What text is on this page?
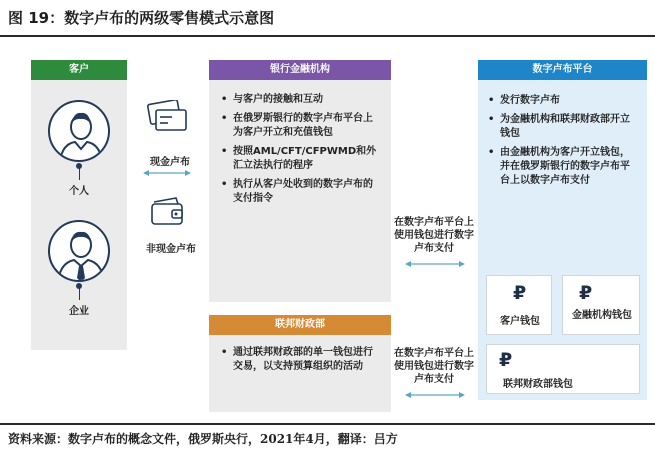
图 19：数字卢布的两级零售模式示意图
客户
个人
企业
现金卢布
非现金卢布
银行金融机构
• 与客户的接触和互动
• 在俄罗斯银行的数字卢布平台上为客户开立和充值钱包
• 按照AML/CFT/CFPWMD和外汇立法执行的程序
• 执行从客户处收到的数字卢布的支付指令
联邦财政部
• 通过联邦财政部的单一钱包进行交易，以支持预算组织的活动
在数字卢布平台上使用钱包进行数字卢布支付
在数字卢布平台上使用钱包进行数字卢布支付
数字卢布平台
• 发行数字卢布
• 为金融机构和联邦财政部开立钱包
• 由金融机构为客户开立钱包，并在俄罗斯银行的数字卢布平台上以数字卢布支付
₽
客户钱包
₽
金融机构钱包
₽
联邦财政部钱包
资料来源：数字卢布的概念文件，俄罗斯央行，2021年4月，翻译：吕方
